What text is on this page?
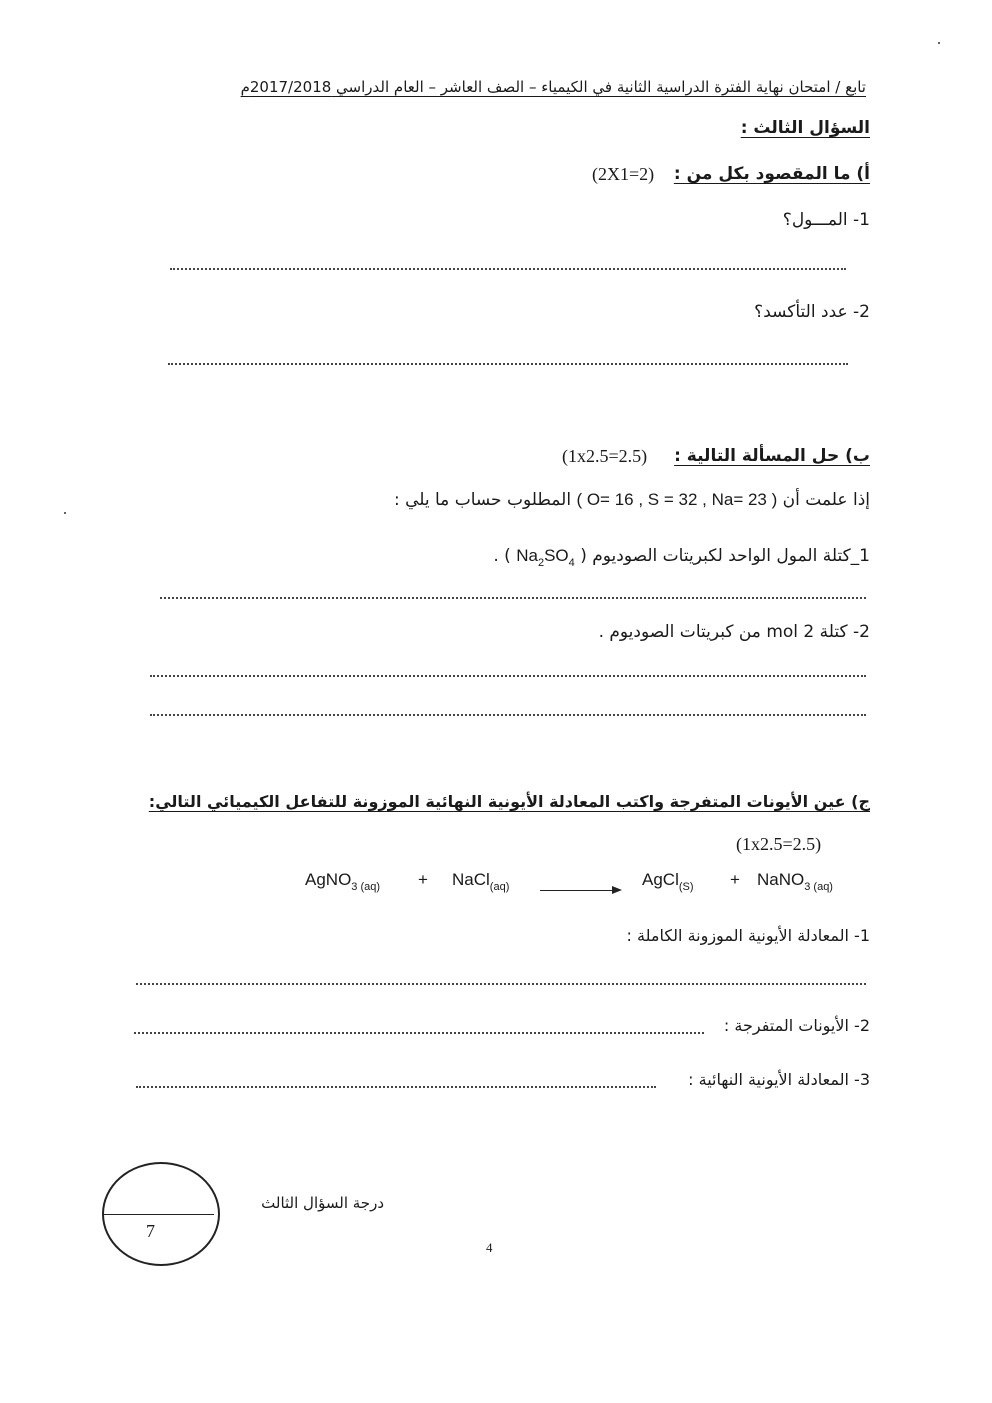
تابع / امتحان نهاية الفترة الدراسية الثانية في الكيمياء – الصف العاشر – العام الدراسي 2017/2018م
السؤال الثالث :
أ) ما المقصود بكل من :
(2X1=2)
1- المـــول؟
2- عدد التأكسد؟
ب) حل المسألة التالية :
(1x2.5=2.5)
إذا علمت أن ( O= 16 , S = 32 , Na= 23 ) المطلوب حساب ما يلي :
1_كتلة المول الواحد لكبريتات الصوديوم ( $Na_2SO_4$ ) .
2- كتلة 2 mol من كبريتات الصوديوم .
ج) عين الأيونات المتفرجة واكتب المعادلة الأيونية النهائية الموزونة للتفاعل الكيميائي التالي:
(1x2.5=2.5)
AgNO$_{3 (aq)}$ + NaCl$_{(aq)}$	AgCl$_{(S)}$ + NaNO$_{3 (aq)}$
1- المعادلة الأيونية الموزونة الكاملة :
2- الأيونات المتفرجة :
3- المعادلة الأيونية النهائية :
7
درجة السؤال الثالث
4
